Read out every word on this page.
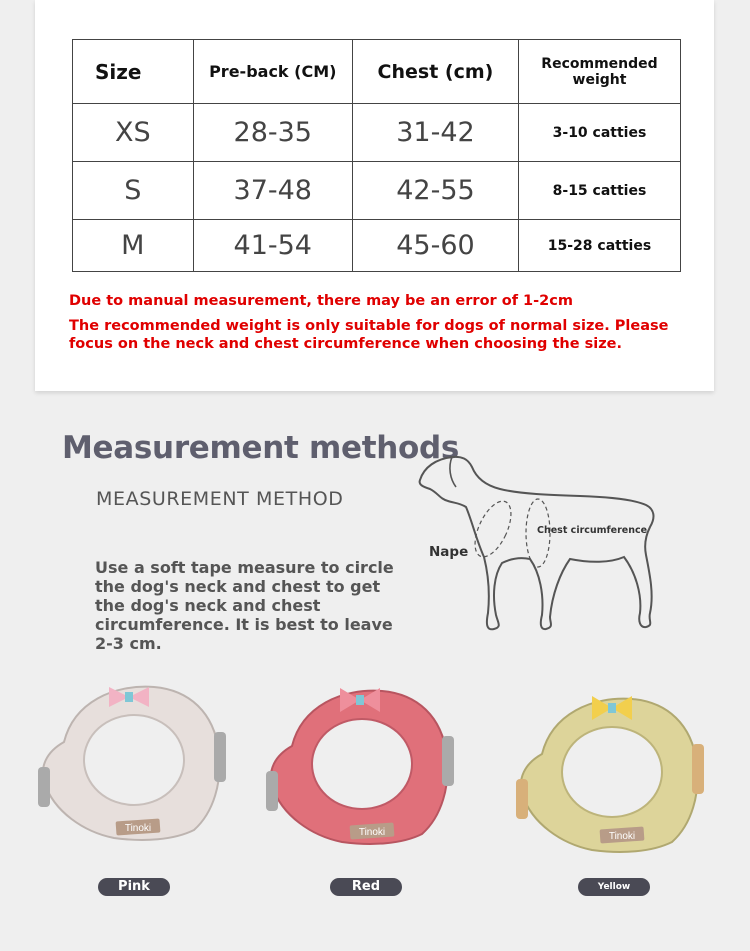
Size	Pre-back (CM)	Chest (cm)	Recommended weight
XS	28-35	31-42	3-10 catties
S	37-48	42-55	8-15 catties
M	41-54	45-60	15-28 catties
Due to manual measurement, there may be an error of 1-2cm
The recommended weight is only suitable for dogs of normal size. Please focus on the neck and chest circumference when choosing the size.
Measurement methods
MEASUREMENT METHOD
Use a soft tape measure to circle the dog's neck and chest to get the dog's neck and chest circumference. It is best to leave 2-3 cm.
Nape
Chest circumference
Tinoki
Pink
Tinoki
Red
Tinoki
Yellow
